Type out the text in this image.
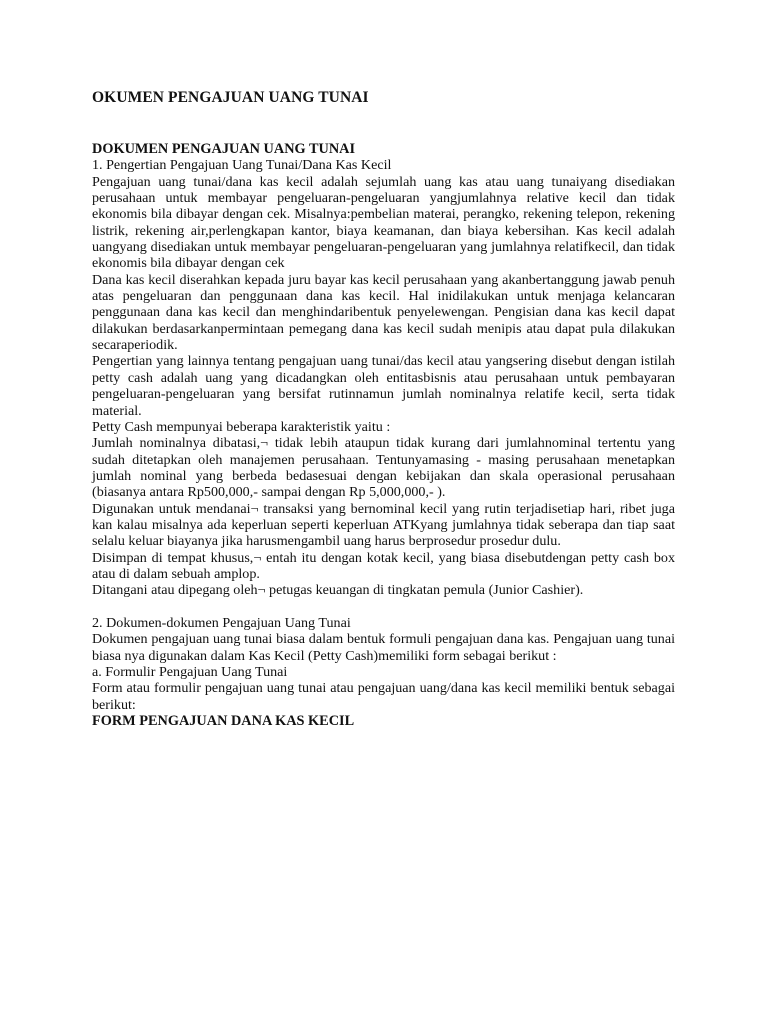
OKUMEN PENGAJUAN UANG TUNAI
DOKUMEN PENGAJUAN UANG TUNAI

1. Pengertian Pengajuan Uang Tunai/Dana Kas Kecil

Pengajuan uang tunai/dana kas kecil adalah sejumlah uang kas atau uang tunaiyang disediakan perusahaan untuk membayar pengeluaran-pengeluaran yangjumlahnya relative kecil dan tidak ekonomis bila dibayar dengan cek. Misalnya:pembelian materai, perangko, rekening telepon, rekening listrik, rekening air,perlengkapan kantor, biaya keamanan, dan biaya kebersihan. Kas kecil adalah uangyang disediakan untuk membayar pengeluaran-pengeluaran yang jumlahnya relatifkecil, dan tidak ekonomis bila dibayar dengan cek

Dana kas kecil diserahkan kepada juru bayar kas kecil perusahaan yang akanbertanggung jawab penuh atas pengeluaran dan penggunaan dana kas kecil. Hal inidilakukan untuk menjaga kelancaran penggunaan dana kas kecil dan menghindaribentuk penyelewengan. Pengisian dana kas kecil dapat dilakukan berdasarkanpermintaan pemegang dana kas kecil sudah menipis atau dapat pula dilakukan secaraperiodik.

Pengertian yang lainnya tentang pengajuan uang tunai/das kecil atau yangsering disebut dengan istilah petty cash adalah uang yang dicadangkan oleh entitasbisnis atau perusahaan untuk pembayaran pengeluaran-pengeluaran yang bersifat rutinnamun jumlah nominalnya relatife kecil, serta tidak material.

Petty Cash mempunyai beberapa karakteristik yaitu :

Jumlah nominalnya dibatasi,¬ tidak lebih ataupun tidak kurang dari jumlahnominal tertentu yang sudah ditetapkan oleh manajemen perusahaan. Tentunyamasing - masing perusahaan menetapkan jumlah nominal yang berbeda bedasesuai dengan kebijakan dan skala operasional perusahaan (biasanya antara Rp500,000,- sampai dengan Rp 5,000,000,- ).

Digunakan untuk mendanai¬ transaksi yang bernominal kecil yang rutin terjadisetiap hari, ribet juga kan kalau misalnya ada keperluan seperti keperluan ATKyang jumlahnya tidak seberapa dan tiap saat selalu keluar biayanya jika harusmengambil uang harus berprosedur prosedur dulu.

Disimpan di tempat khusus,¬ entah itu dengan kotak kecil, yang biasa disebutdengan petty cash box atau di dalam sebuah amplop.

Ditangani atau dipegang oleh¬ petugas keuangan di tingkatan pemula (Junior Cashier).

2. Dokumen-dokumen Pengajuan Uang Tunai

Dokumen pengajuan uang tunai biasa dalam bentuk formuli pengajuan dana kas. Pengajuan uang tunai biasa nya digunakan dalam Kas Kecil (Petty Cash)memiliki form sebagai berikut :

a. Formulir Pengajuan Uang Tunai

Form atau formulir pengajuan uang tunai atau pengajuan uang/dana kas kecil memiliki bentuk sebagai berikut:

FORM PENGAJUAN DANA KAS KECIL
